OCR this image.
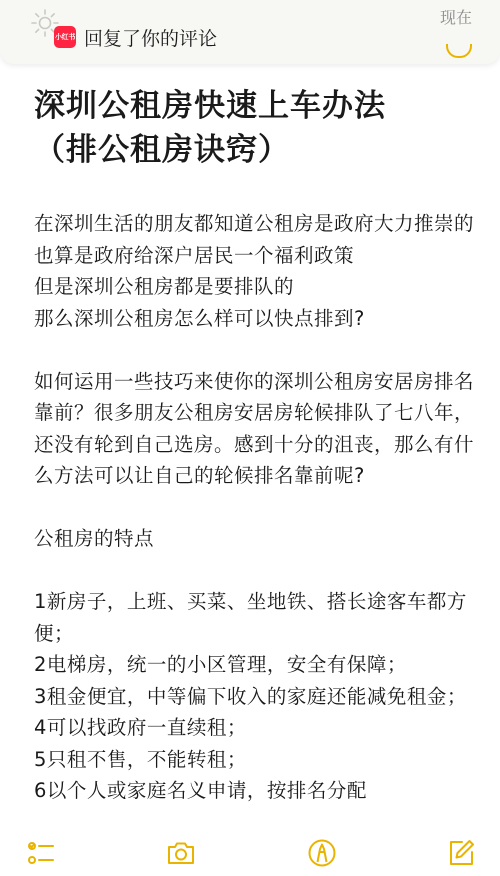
小红书 回复了你的评论
现在
深圳公租房快速上车办法
（排公租房诀窍）
在深圳生活的朋友都知道公租房是政府大力推崇的
也算是政府给深户居民一个福利政策
但是深圳公租房都是要排队的
那么深圳公租房怎么样可以快点排到?
如何运用一些技巧来使你的深圳公租房安居房排名靠前？很多朋友公租房安居房轮候排队了七八年，还没有轮到自己选房。感到十分的沮丧，那么有什么方法可以让自己的轮候排名靠前呢?
公租房的特点
1新房子，上班、买菜、坐地铁、搭长途客车都方便；
2电梯房，统一的小区管理，安全有保障；
3租金便宜，中等偏下收入的家庭还能减免租金；
4可以找政府一直续租；
5只租不售，不能转租；
6以个人或家庭名义申请，按排名分配
